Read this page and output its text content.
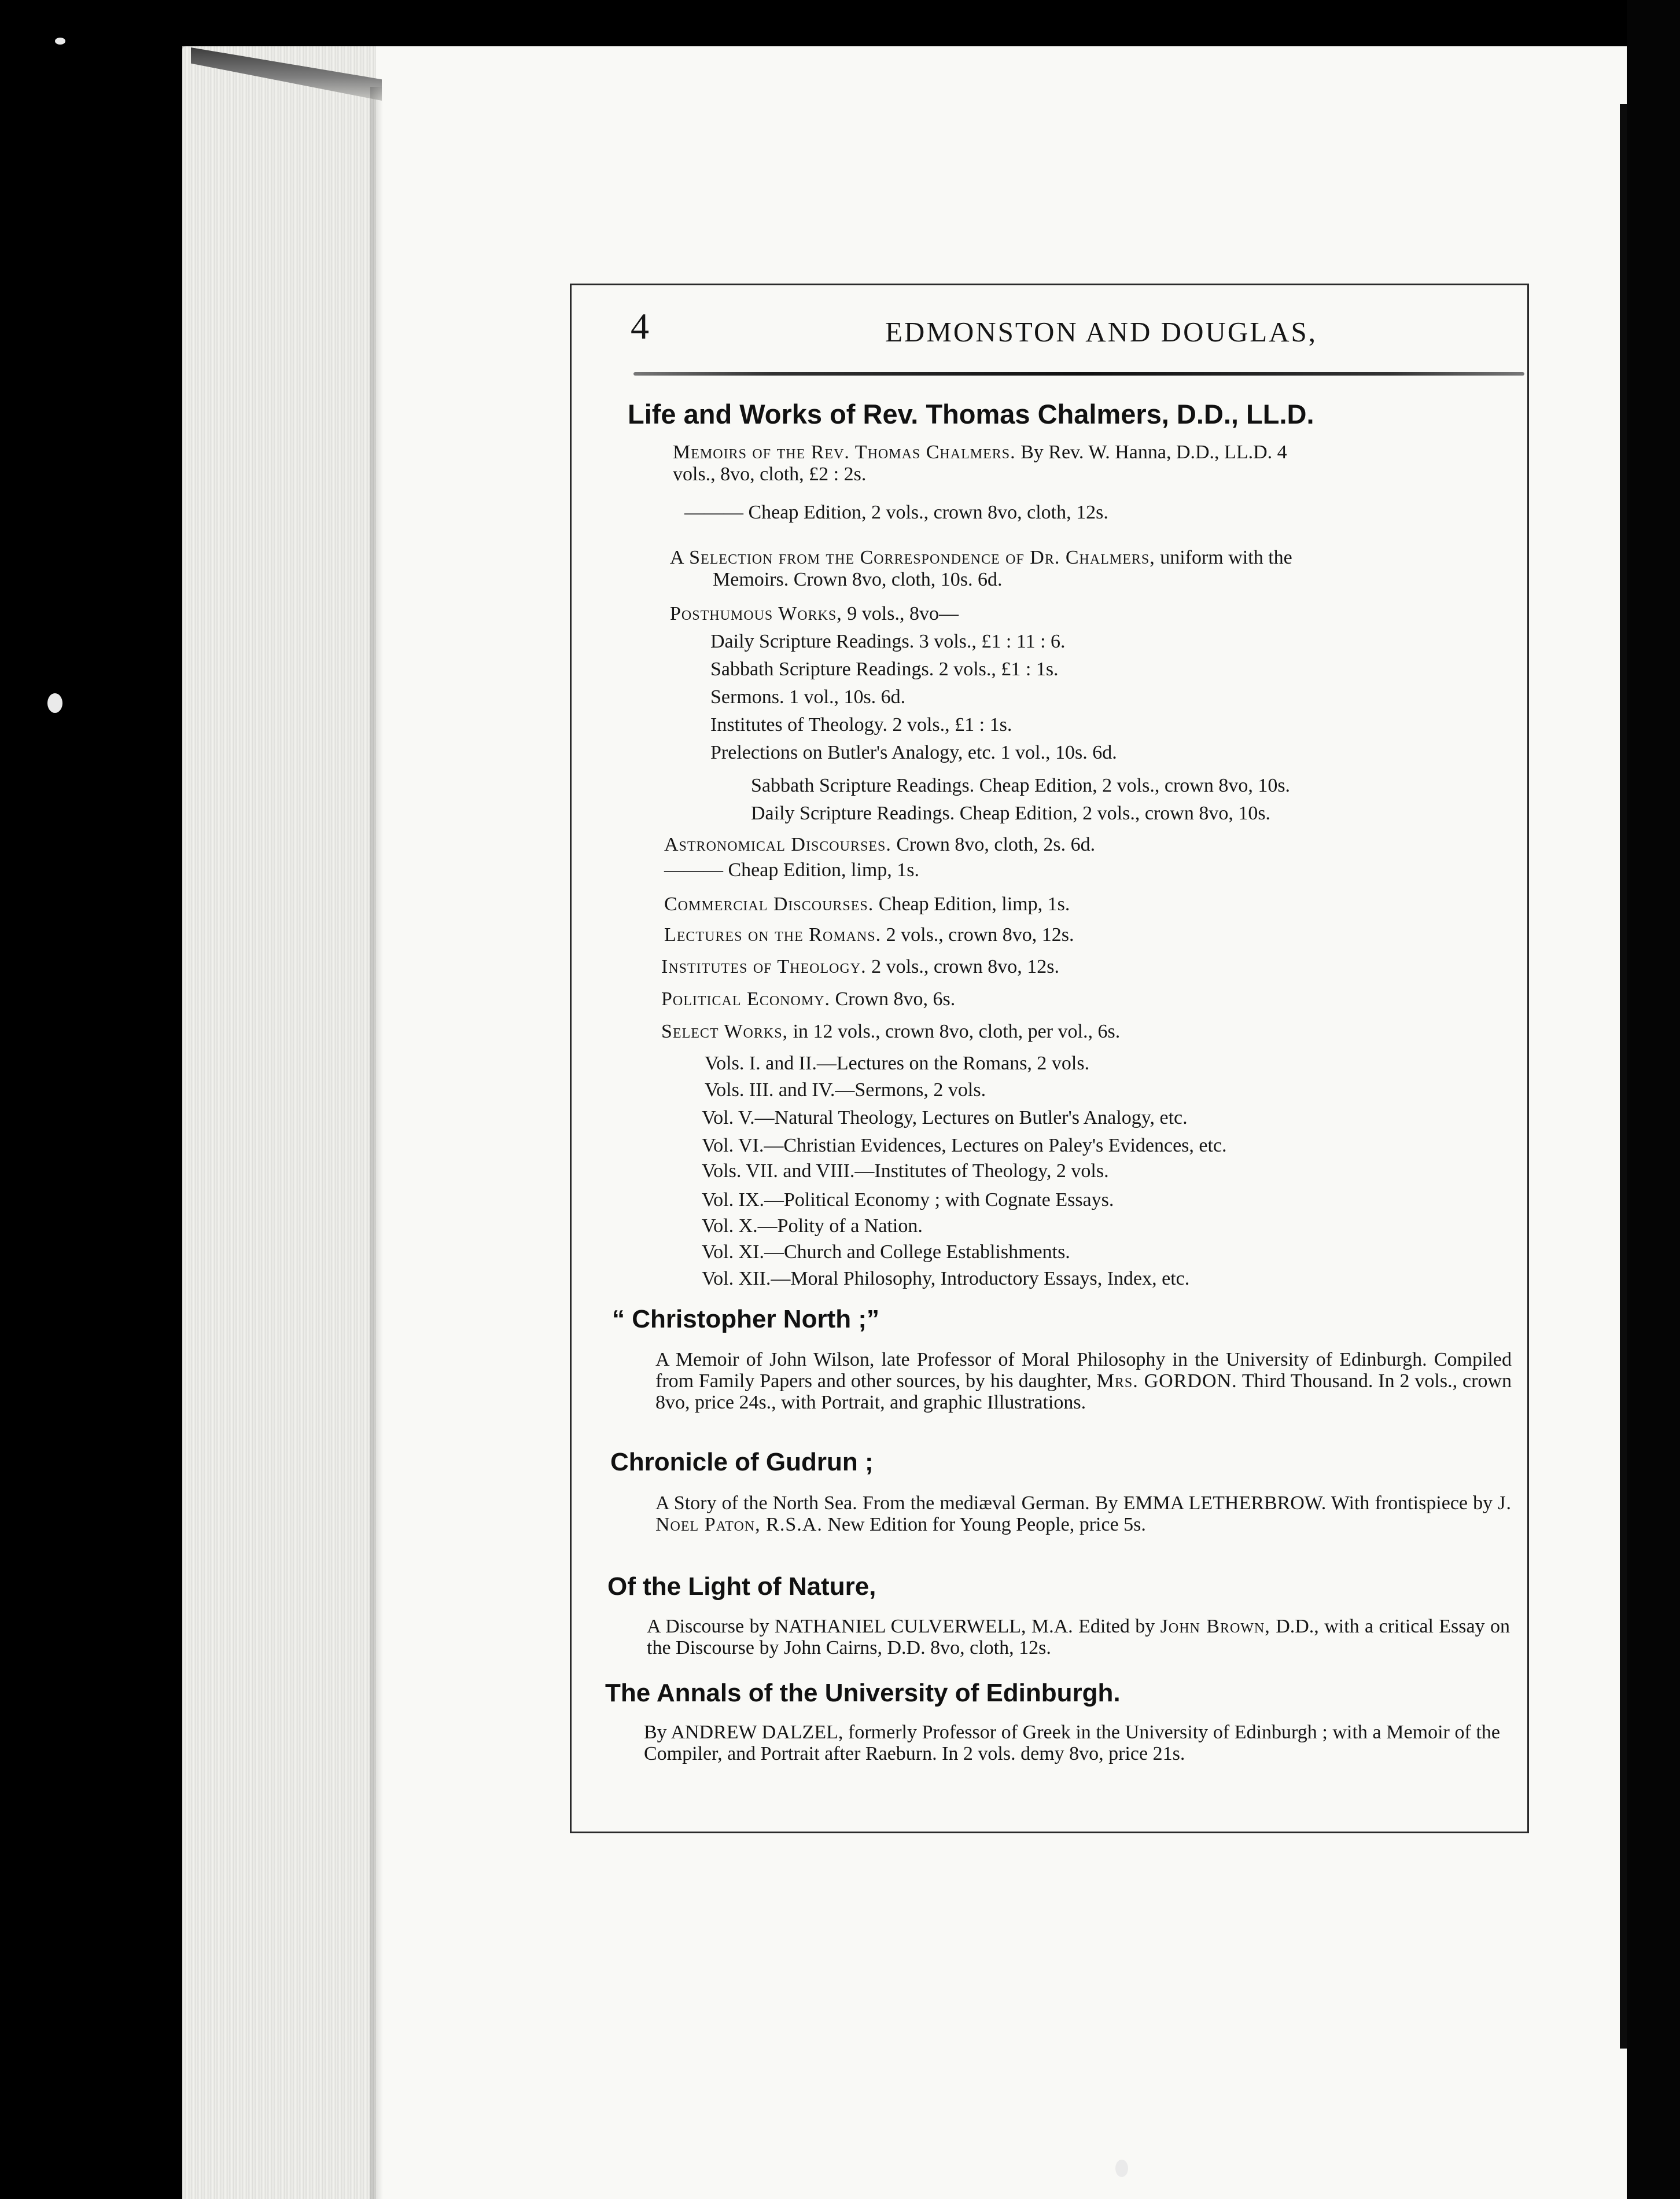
4	EDMONSTON AND DOUGLAS,
Life and Works of Rev. Thomas Chalmers, D.D., LL.D.

Memoirs of the Rev. Thomas Chalmers. By Rev. W. Hanna, D.D., LL.D. 4

vols., 8vo, cloth, £2 : 2s.

——— Cheap Edition, 2 vols., crown 8vo, cloth, 12s.

A Selection from the Correspondence of Dr. Chalmers, uniform with the

Memoirs. Crown 8vo, cloth, 10s. 6d.

Posthumous Works, 9 vols., 8vo—

Daily Scripture Readings. 3 vols., £1 : 11 : 6.

Sabbath Scripture Readings. 2 vols., £1 : 1s.

Sermons. 1 vol., 10s. 6d.

Institutes of Theology. 2 vols., £1 : 1s.

Prelections on Butler's Analogy, etc. 1 vol., 10s. 6d.

Sabbath Scripture Readings. Cheap Edition, 2 vols., crown 8vo, 10s.

Daily Scripture Readings. Cheap Edition, 2 vols., crown 8vo, 10s.

Astronomical Discourses. Crown 8vo, cloth, 2s. 6d.

——— Cheap Edition, limp, 1s.

Commercial Discourses. Cheap Edition, limp, 1s.

Lectures on the Romans. 2 vols., crown 8vo, 12s.

Institutes of Theology. 2 vols., crown 8vo, 12s.

Political Economy. Crown 8vo, 6s.

Select Works, in 12 vols., crown 8vo, cloth, per vol., 6s.

Vols. I. and II.—Lectures on the Romans, 2 vols.

Vols. III. and IV.—Sermons, 2 vols.

Vol. V.—Natural Theology, Lectures on Butler's Analogy, etc.

Vol. VI.—Christian Evidences, Lectures on Paley's Evidences, etc.

Vols. VII. and VIII.—Institutes of Theology, 2 vols.

Vol. IX.—Political Economy ; with Cognate Essays.

Vol. X.—Polity of a Nation.

Vol. XI.—Church and College Establishments.

Vol. XII.—Moral Philosophy, Introductory Essays, Index, etc.

“ Christopher North ;”

A Memoir of John Wilson, late Professor of Moral Philosophy in the University of Edinburgh. Compiled from Family Papers and other sources, by his daughter, Mrs. GORDON. Third Thousand. In 2 vols., crown 8vo, price 24s., with Portrait, and graphic Illustrations.

Chronicle of Gudrun ;

A Story of the North Sea. From the mediæval German. By EMMA LETHERBROW. With frontispiece by J. Noel Paton, R.S.A. New Edition for Young People, price 5s.

Of the Light of Nature,

A Discourse by NATHANIEL CULVERWELL, M.A. Edited by John Brown, D.D., with a critical Essay on the Discourse by John Cairns, D.D. 8vo, cloth, 12s.

The Annals of the University of Edinburgh.

By ANDREW DALZEL, formerly Professor of Greek in the University of Edinburgh ; with a Memoir of the Compiler, and Portrait after Raeburn. In 2 vols. demy 8vo, price 21s.
